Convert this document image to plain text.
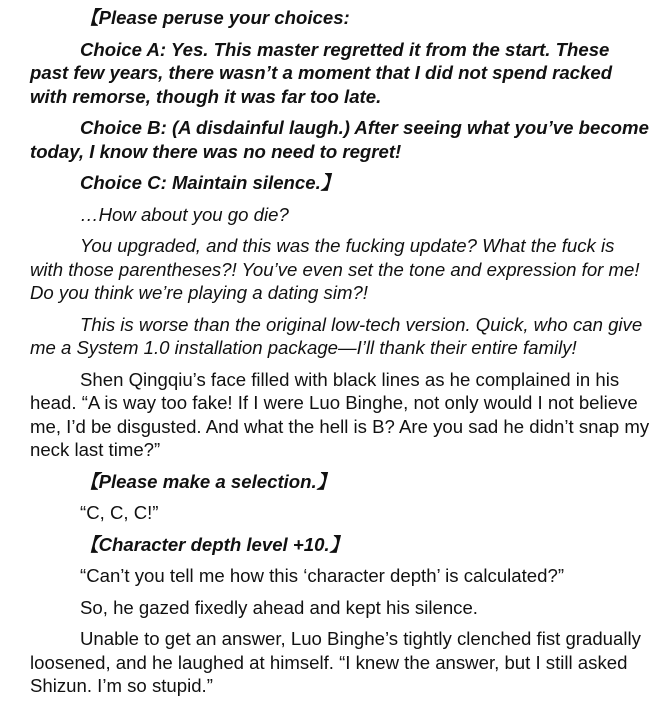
【Please peruse your choices:

Choice A: Yes. This master regretted it from the start. These past few years, there wasn’t a moment that I did not spend racked with remorse, though it was far too late.

Choice B: (A disdainful laugh.) After seeing what you’ve become today, I know there was no need to regret!

Choice C: Maintain silence.】

…How about you go die?

You upgraded, and this was the fucking update? What the fuck is with those parentheses?! You’ve even set the tone and expression for me! Do you think we’re playing a dating sim?!

This is worse than the original low-tech version. Quick, who can give me a System 1.0 installation package—I’ll thank their entire family!

Shen Qingqiu’s face filled with black lines as he complained in his head. “A is way too fake! If I were Luo Binghe, not only would I not believe me, I’d be disgusted. And what the hell is B? Are you sad he didn’t snap my neck last time?”

【Please make a selection.】

“C, C, C!”

【Character depth level +10.】

“Can’t you tell me how this ‘character depth’ is calculated?”

So, he gazed fixedly ahead and kept his silence.

Unable to get an answer, Luo Binghe’s tightly clenched fist gradually loosened, and he laughed at himself. “I knew the answer, but I still asked Shizun. I’m so stupid.”
